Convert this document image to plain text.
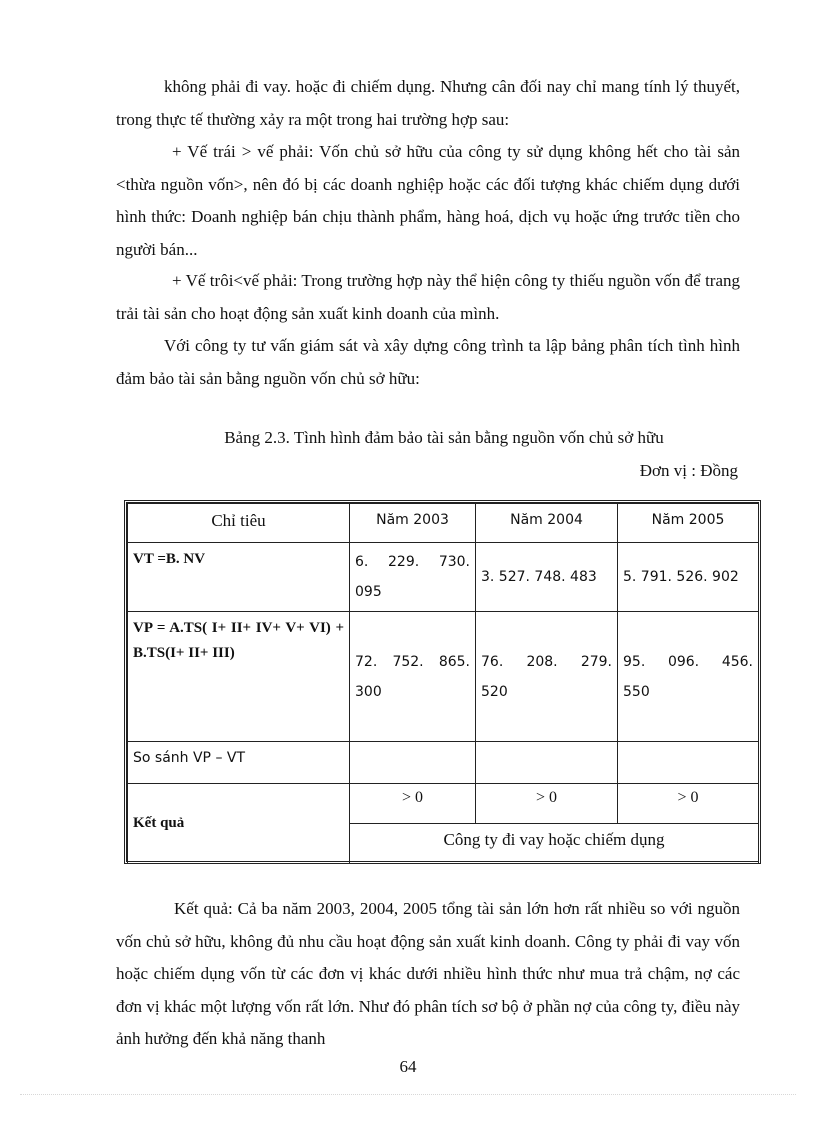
không phải đi vay. hoặc đi chiếm dụng. Nhưng cân đối nay chỉ mang tính lý thuyết, trong thực tế thường xảy ra một trong hai trường hợp sau:
+ Vế trái > vế phải: Vốn chủ sở hữu của công ty sử dụng không hết cho tài sản <thừa nguồn vốn>, nên đó bị các doanh nghiệp hoặc các đối tượng khác chiếm dụng dưới hình thức: Doanh nghiệp bán chịu thành phẩm, hàng hoá, dịch vụ hoặc ứng trước tiền cho người bán...
+ Vế trôi<vế phải: Trong trường hợp này thể hiện công ty thiếu nguồn vốn để trang trải tài sản cho hoạt động sản xuất kinh doanh của mình.
Với công ty tư vấn giám sát và xây dựng công trình ta lập bảng phân tích tình hình đảm bảo tài sản bằng nguồn vốn chủ sở hữu:
Bảng 2.3. Tình hình đảm bảo tài sản bằng nguồn vốn chủ sở hữu
Đơn vị : Đồng
Chỉ tiêu	Năm 2003	Năm 2004	Năm 2005
VT =B. NV	6. 229. 730. 095	3. 527. 748. 483	5. 791. 526. 902
VP = A.TS( I+ II+ IV+ V+ VI) + B.TS(I+ II+ III)	72. 752. 865. 300	76. 208. 279. 520	95. 096. 456. 550
So sánh VP – VT			
Kết quả	> 0	> 0	> 0
	Công ty đi vay hoặc chiếm dụng		
Kết quả: Cả ba năm 2003, 2004, 2005 tổng tài sản lớn hơn rất nhiều so với nguồn vốn chủ sở hữu, không đủ nhu cầu hoạt động sản xuất kinh doanh. Công ty phải đi vay vốn hoặc chiếm dụng vốn từ các đơn vị khác dưới nhiều hình thức như mua trả chậm, nợ các đơn vị khác một lượng vốn rất lớn. Như đó phân tích sơ bộ ở phần nợ của công ty, điều này ảnh hưởng đến khả năng thanh
64
